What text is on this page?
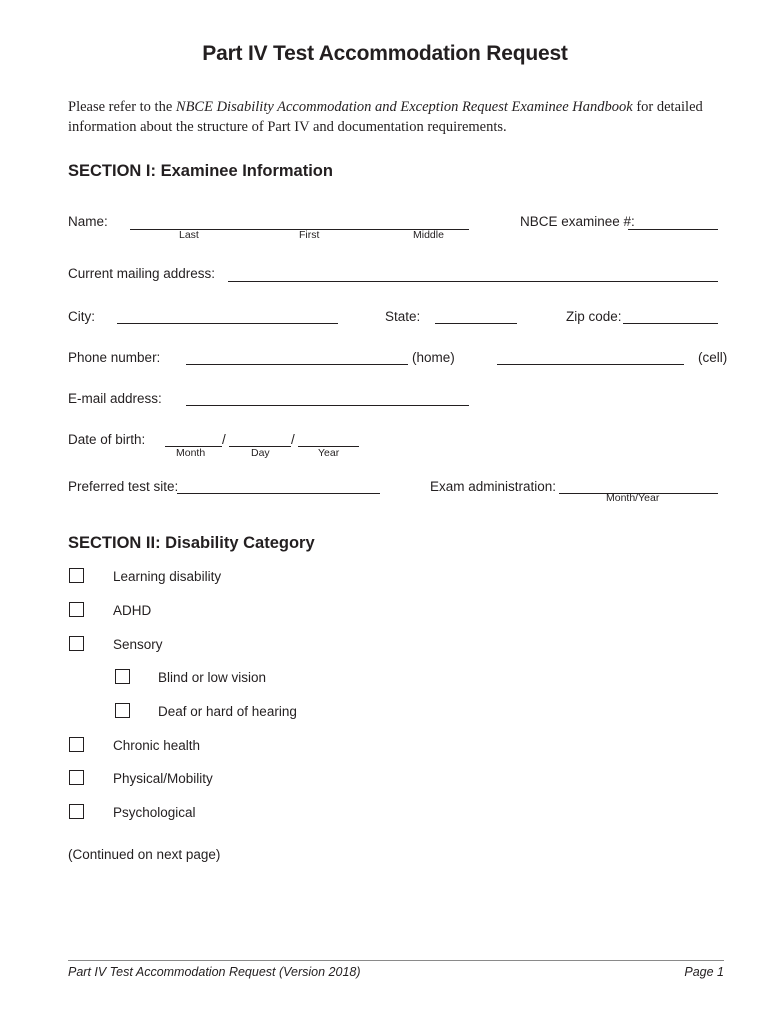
Part IV Test Accommodation Request
Please refer to the NBCE Disability Accommodation and Exception Request Examinee Handbook for detailed information about the structure of Part IV and documentation requirements.
SECTION I: Examinee Information
Name:
Last	First	Middle
NBCE examinee #:
Current mailing address:
City:	State:	Zip code:
Phone number:	(home)	(cell)
E-mail address:
Date of birth:	/	/
Month	Day	Year
Preferred test site:	Exam administration:
Month/Year
SECTION II: Disability Category
Learning disability
ADHD
Sensory
Blind or low vision
Deaf or hard of hearing
Chronic health
Physical/Mobility
Psychological
(Continued on next page)
Part IV Test Accommodation Request (Version 2018)	Page 1
